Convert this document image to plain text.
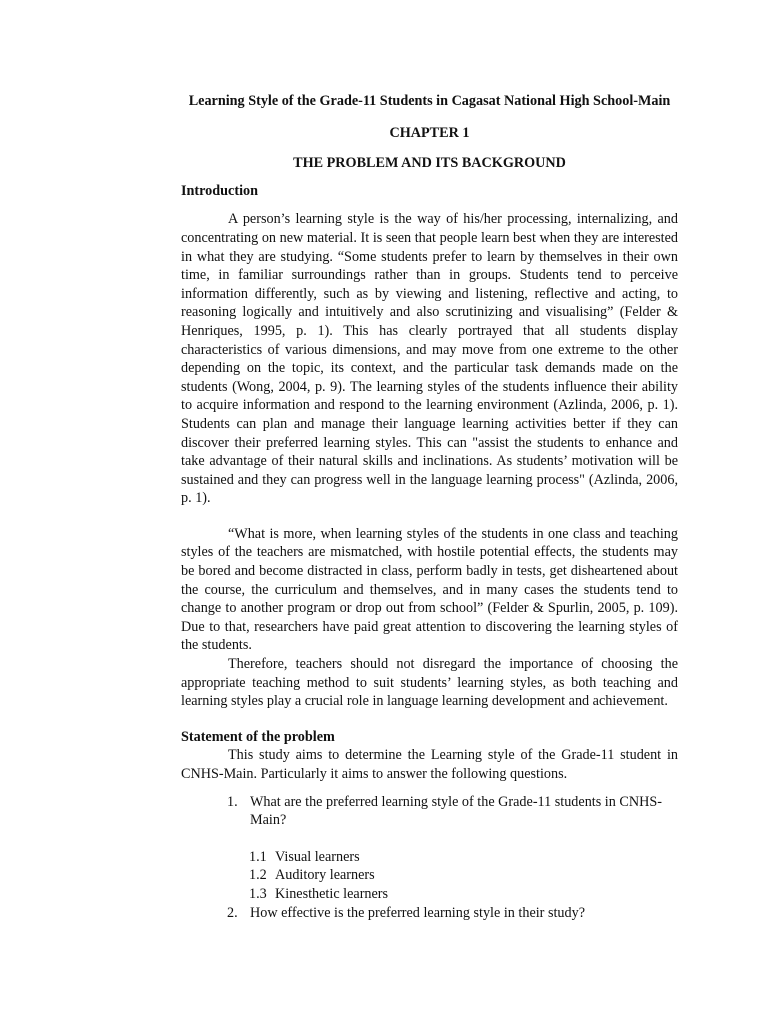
Learning Style of the Grade-11 Students in Cagasat National High School-Main

CHAPTER 1

THE PROBLEM AND ITS BACKGROUND

Introduction

A person’s learning style is the way of his/her processing, internalizing, and concentrating on new material. It is seen that people learn best when they are interested in what they are studying. “Some students prefer to learn by themselves in their own time, in familiar surroundings rather than in groups. Students tend to perceive information differently, such as by viewing and listening, reflective and acting, to reasoning logically and intuitively and also scrutinizing and visualising” (Felder & Henriques, 1995, p. 1). This has clearly portrayed that all students display characteristics of various dimensions, and may move from one extreme to the other depending on the topic, its context, and the particular task demands made on the students (Wong, 2004, p. 9). The learning styles of the students influence their ability to acquire information and respond to the learning environment (Azlinda, 2006, p. 1). Students can plan and manage their language learning activities better if they can discover their preferred learning styles. This can "assist the students to enhance and take advantage of their natural skills and inclinations. As students’ motivation will be sustained and they can progress well in the language learning process" (Azlinda, 2006, p. 1).

“What is more, when learning styles of the students in one class and teaching styles of the teachers are mismatched, with hostile potential effects, the students may be bored and become distracted in class, perform badly in tests, get disheartened about the course, the curriculum and themselves, and in many cases the students tend to change to another program or drop out from school” (Felder & Spurlin, 2005, p. 109). Due to that, researchers have paid great attention to discovering the learning styles of the students.

Therefore, teachers should not disregard the importance of choosing the appropriate teaching method to suit students’ learning styles, as both teaching and learning styles play a crucial role in language learning development and achievement.

Statement of the problem

This study aims to determine the Learning style of the Grade-11 student in CNHS-Main. Particularly it aims to answer the following questions.

1. What are the preferred learning style of the Grade-11 students in CNHS-Main?
1.1 Visual learners
1.2 Auditory learners
1.3 Kinesthetic learners
2. How effective is the preferred learning style in their study?
